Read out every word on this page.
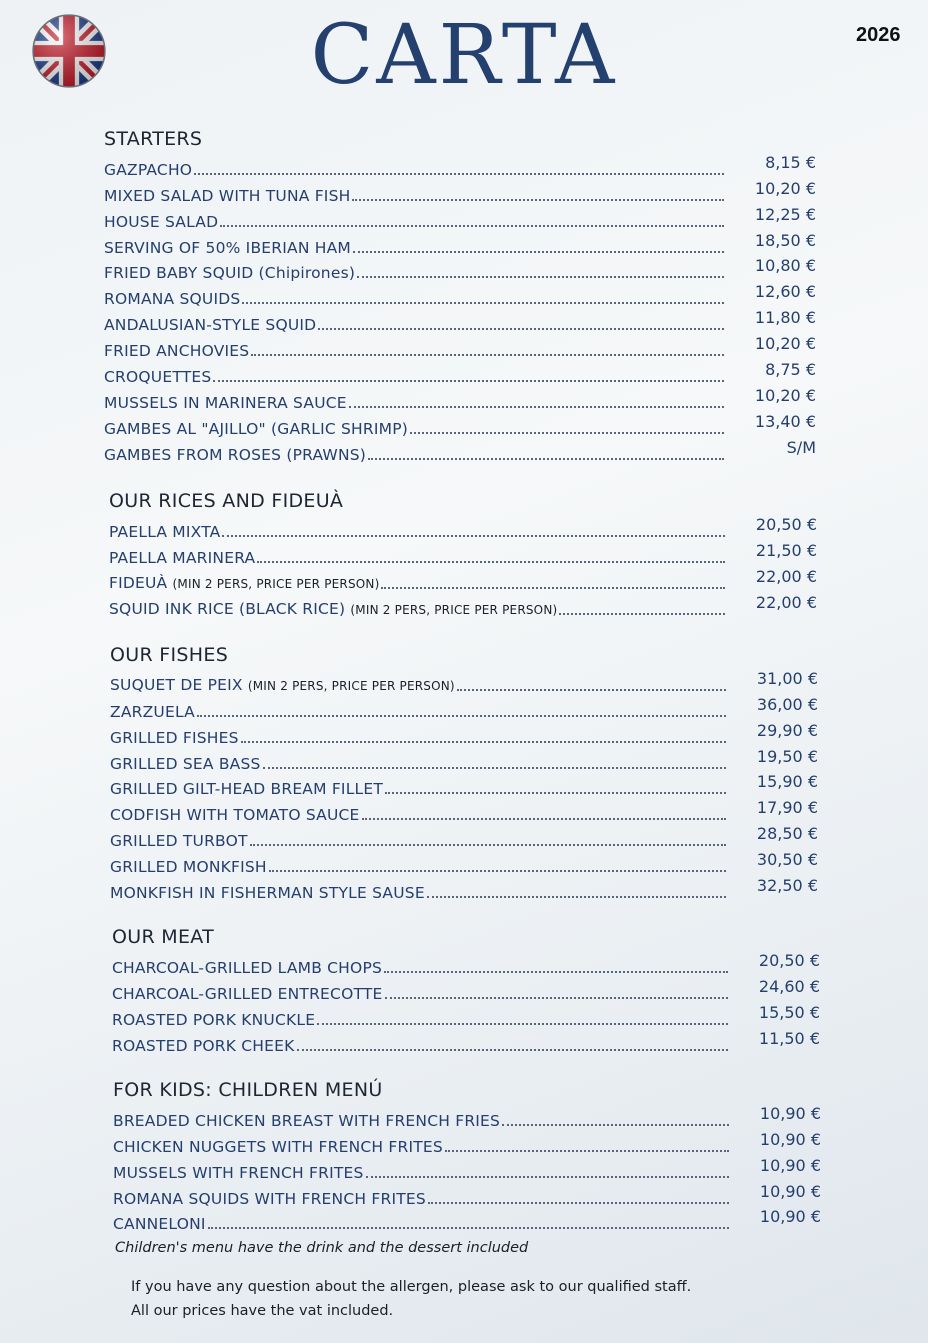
CARTA	2026
STARTERS
GAZPACHO	8,15 €
MIXED SALAD WITH TUNA FISH	10,20 €
HOUSE SALAD	12,25 €
SERVING OF 50% IBERIAN HAM	18,50 €
FRIED BABY SQUID (Chipirones)	10,80 €
ROMANA SQUIDS	12,60 €
ANDALUSIAN-STYLE SQUID	11,80 €
FRIED ANCHOVIES	10,20 €
CROQUETTES	8,75 €
MUSSELS IN MARINERA SAUCE	10,20 €
GAMBES AL "AJILLO" (GARLIC SHRIMP)	13,40 €
GAMBES FROM ROSES (PRAWNS)	S/M
OUR RICES AND FIDEUÀ
PAELLA MIXTA	20,50 €
PAELLA MARINERA	21,50 €
FIDEUÀ (MIN 2 PERS, PRICE PER PERSON)	22,00 €
SQUID INK RICE (BLACK RICE) (MIN 2 PERS, PRICE PER PERSON)	22,00 €
OUR FISHES
SUQUET DE PEIX (MIN 2 PERS, PRICE PER PERSON)	31,00 €
ZARZUELA	36,00 €
GRILLED FISHES	29,90 €
GRILLED SEA BASS	19,50 €
GRILLED GILT-HEAD BREAM FILLET	15,90 €
CODFISH WITH TOMATO SAUCE	17,90 €
GRILLED TURBOT	28,50 €
GRILLED MONKFISH	30,50 €
MONKFISH IN FISHERMAN STYLE SAUSE	32,50 €
OUR MEAT
CHARCOAL-GRILLED LAMB CHOPS	20,50 €
CHARCOAL-GRILLED ENTRECOTTE	24,60 €
ROASTED PORK KNUCKLE	15,50 €
ROASTED PORK CHEEK	11,50 €
FOR KIDS: CHILDREN MENÚ
BREADED CHICKEN BREAST WITH FRENCH FRIES	10,90 €
CHICKEN NUGGETS WITH FRENCH FRITES	10,90 €
MUSSELS WITH FRENCH FRITES	10,90 €
ROMANA SQUIDS WITH FRENCH FRITES	10,90 €
CANNELONI	10,90 €
Children's menu have the drink and the dessert included
If you have any question about the allergen, please ask to our qualified staff.
All our prices have the vat included.
